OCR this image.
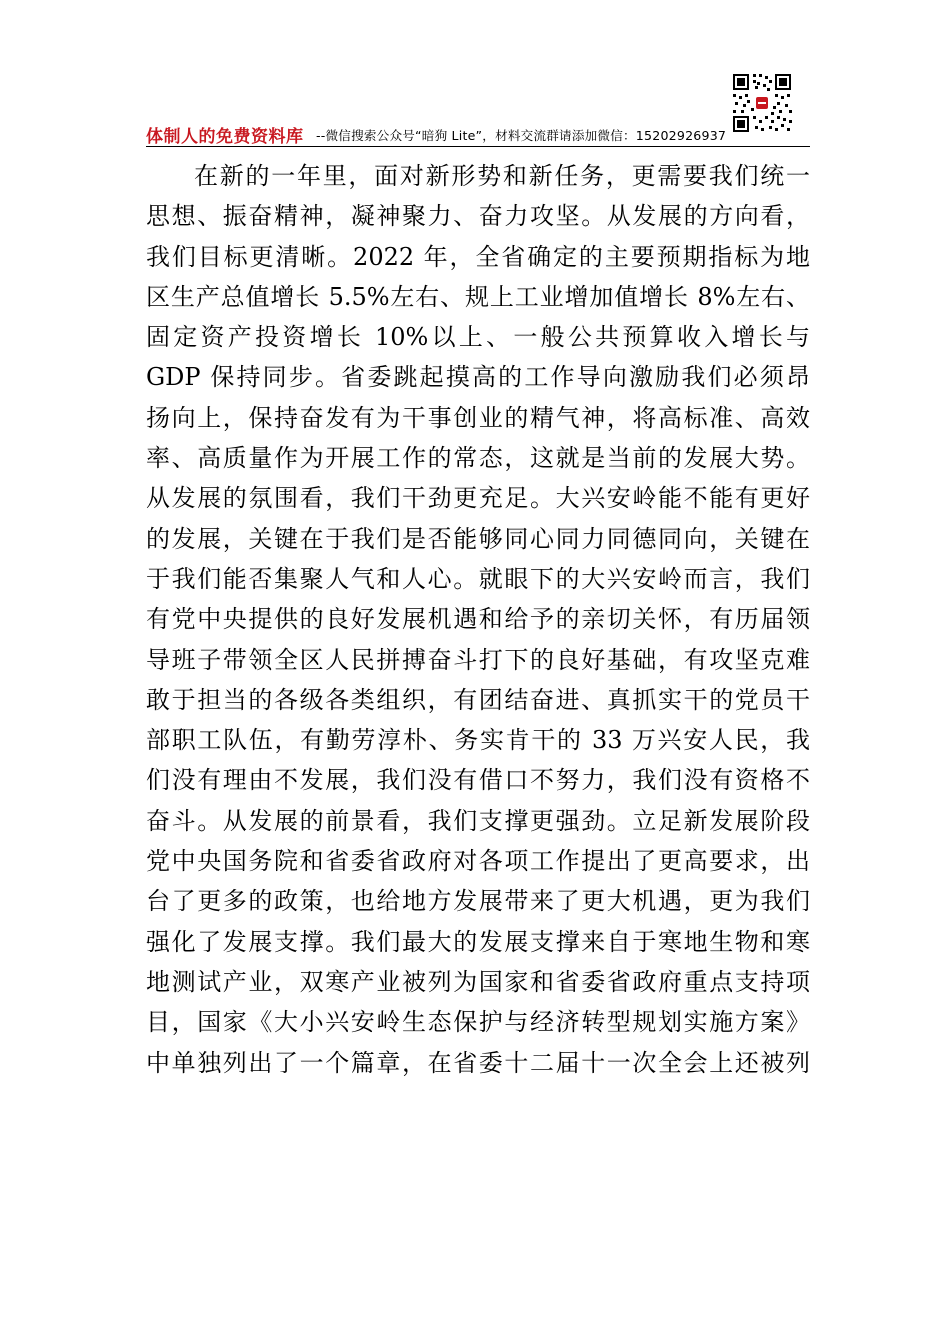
体制人的免费资料库 --微信搜索公众号“暗狗 Lite”，材料交流群请添加微信：15202926937
在新的一年里，面对新形势和新任务，更需要我们统一
思想、振奋精神，凝神聚力、奋力攻坚。从发展的方向看，
我们目标更清晰。2022 年，全省确定的主要预期指标为地
区生产总值增长 5.5%左右、规上工业增加值增长 8%左右、
固定资产投资增长 10%以上、一般公共预算收入增长与
GDP 保持同步。省委跳起摸高的工作导向激励我们必须昂
扬向上，保持奋发有为干事创业的精气神，将高标准、高效
率、高质量作为开展工作的常态，这就是当前的发展大势。
从发展的氛围看，我们干劲更充足。大兴安岭能不能有更好
的发展，关键在于我们是否能够同心同力同德同向，关键在
于我们能否集聚人气和人心。就眼下的大兴安岭而言，我们
有党中央提供的良好发展机遇和给予的亲切关怀，有历届领
导班子带领全区人民拼搏奋斗打下的良好基础，有攻坚克难
敢于担当的各级各类组织，有团结奋进、真抓实干的党员干
部职工队伍，有勤劳淳朴、务实肯干的 33 万兴安人民，我
们没有理由不发展，我们没有借口不努力，我们没有资格不
奋斗。从发展的前景看，我们支撑更强劲。立足新发展阶段
党中央国务院和省委省政府对各项工作提出了更高要求，出
台了更多的政策，也给地方发展带来了更大机遇，更为我们
强化了发展支撑。我们最大的发展支撑来自于寒地生物和寒
地测试产业，双寒产业被列为国家和省委省政府重点支持项
目，国家《大小兴安岭生态保护与经济转型规划实施方案》
中单独列出了一个篇章，在省委十二届十一次全会上还被列
